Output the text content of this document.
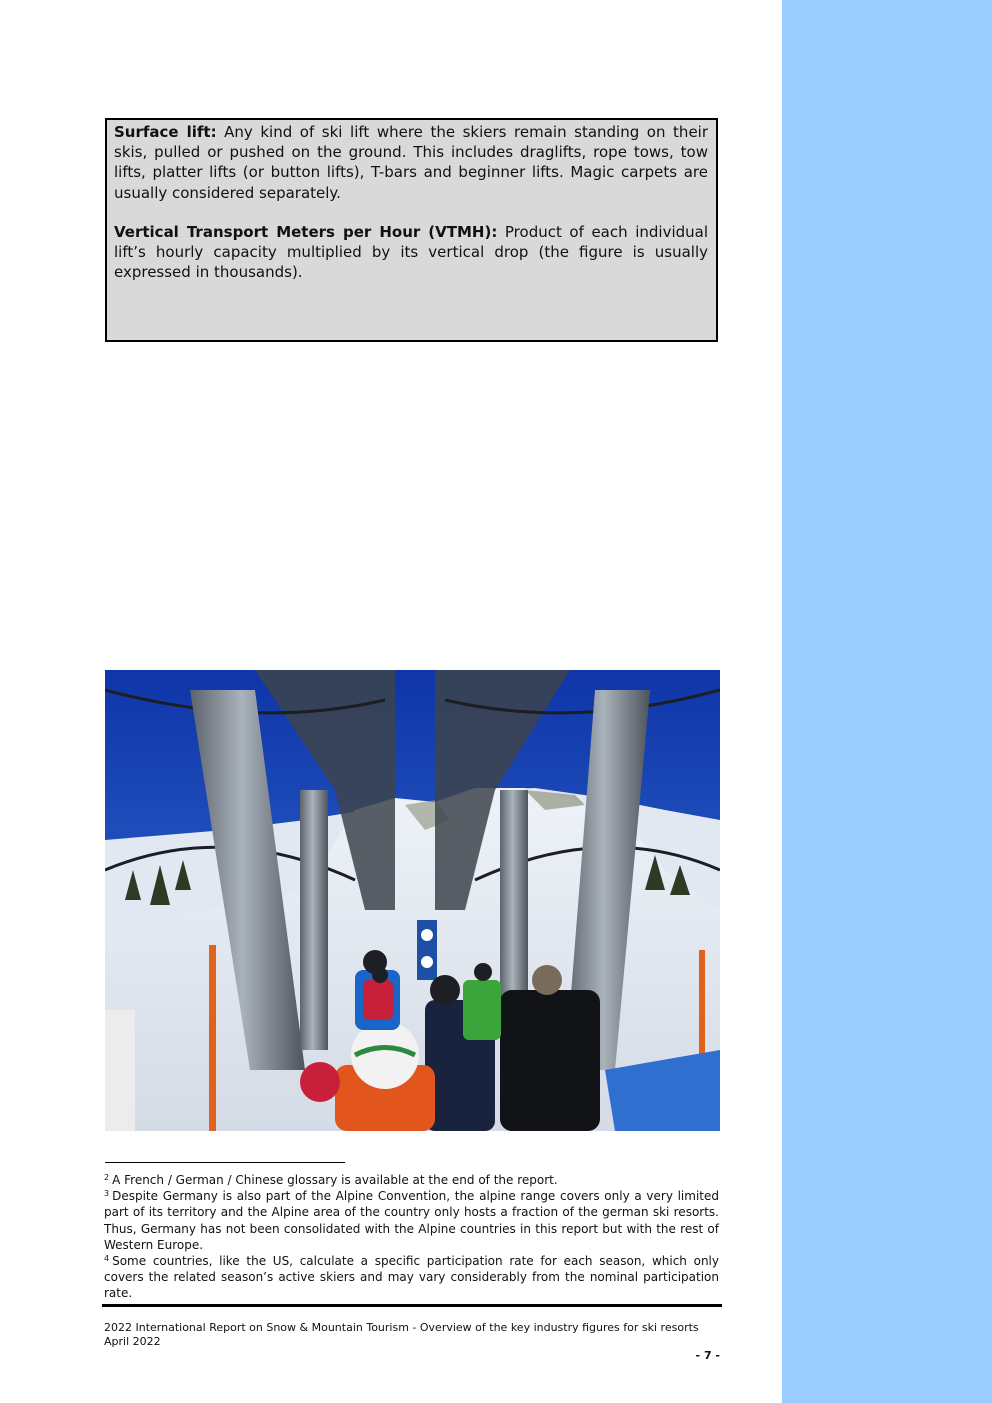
Surface lift: Any kind of ski lift where the skiers remain standing on their skis, pulled or pushed on the ground. This includes draglifts, rope tows, tow lifts, platter lifts (or button lifts), T-bars and beginner lifts. Magic carpets are usually considered separately.

Vertical Transport Meters per Hour (VTMH): Product of each individual lift’s hourly capacity multiplied by its vertical drop (the figure is usually expressed in thousands).

$^2$ A French / German / Chinese glossary is available at the end of the report.

$^3$ Despite Germany is also part of the Alpine Convention, the alpine range covers only a very limited part of its territory and the Alpine area of the country only hosts a fraction of the german ski resorts. Thus, Germany has not been consolidated with the Alpine countries in this report but with the rest of Western Europe.

$^4$ Some countries, like the US, calculate a specific participation rate for each season, which only covers the related season’s active skiers and may vary considerably from the nominal participation rate.

2022 International Report on Snow & Mountain Tourism - Overview of the key industry figures for ski resorts
April 2022
- 7 -
